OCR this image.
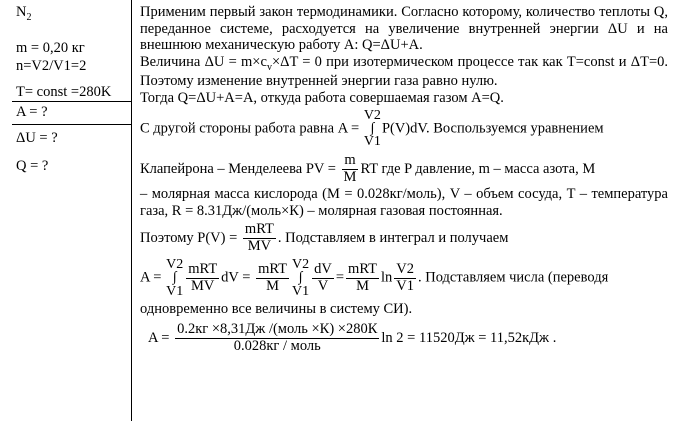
$N_2$
m = 0,20 кг
n=V2/V1=2
T= const =280K
A = ?
ΔU = ?
Q = ?

Применим первый закон термодинамики. Согласно которому, количество теплоты Q, переданное системе, расходуется на увеличение внутренней энергии ΔU и на внешнюю механическую работу A: Q=ΔU+A.

Величина $\Delta U = m\times c_v\times\Delta T = 0$ при изотермическом процессе так как T=const и ΔT=0. Поэтому изменение внутренней энергии газа равно нулю.

Тогда Q=ΔU+A=A, откуда работа совершаемая газом A=Q.

С другой стороны работа равна A =
V2
∫
V1
P(V)dV. Воспользуемся уравнением
Клапейрона – Менделеева PV = $\frac{m}{M}$ RT где P давление, m – масса азота, M

– молярная масса кислорода (M = 0.028кг/моль), V – объем сосуда, T – температура газа, R = 8.31Дж/(моль×К) – молярная газовая постоянная.

Поэтому $P(V) = \frac{\text{mRT}}{MV}$ . Подставляем в интеграл и получаем
A =
V2
∫
$V1 \frac{\text{mRT}}{MV}$ dV = $\frac{\text{mRT}}{M} V2$
∫
$V1 \frac{dV}{V} = \frac{\text{mRT}}{M}$ $\ln \frac{V2}{V1}$ . Подставляем числа (переводя
одновременно все величины в систему СИ).
$A = \frac{\text{0.2кг ×8,31Дж /(моль ×К) ×280К}}{\text{0.028кг / моль}}$ ln 2 = 11520Дж = 11,52кДж .
